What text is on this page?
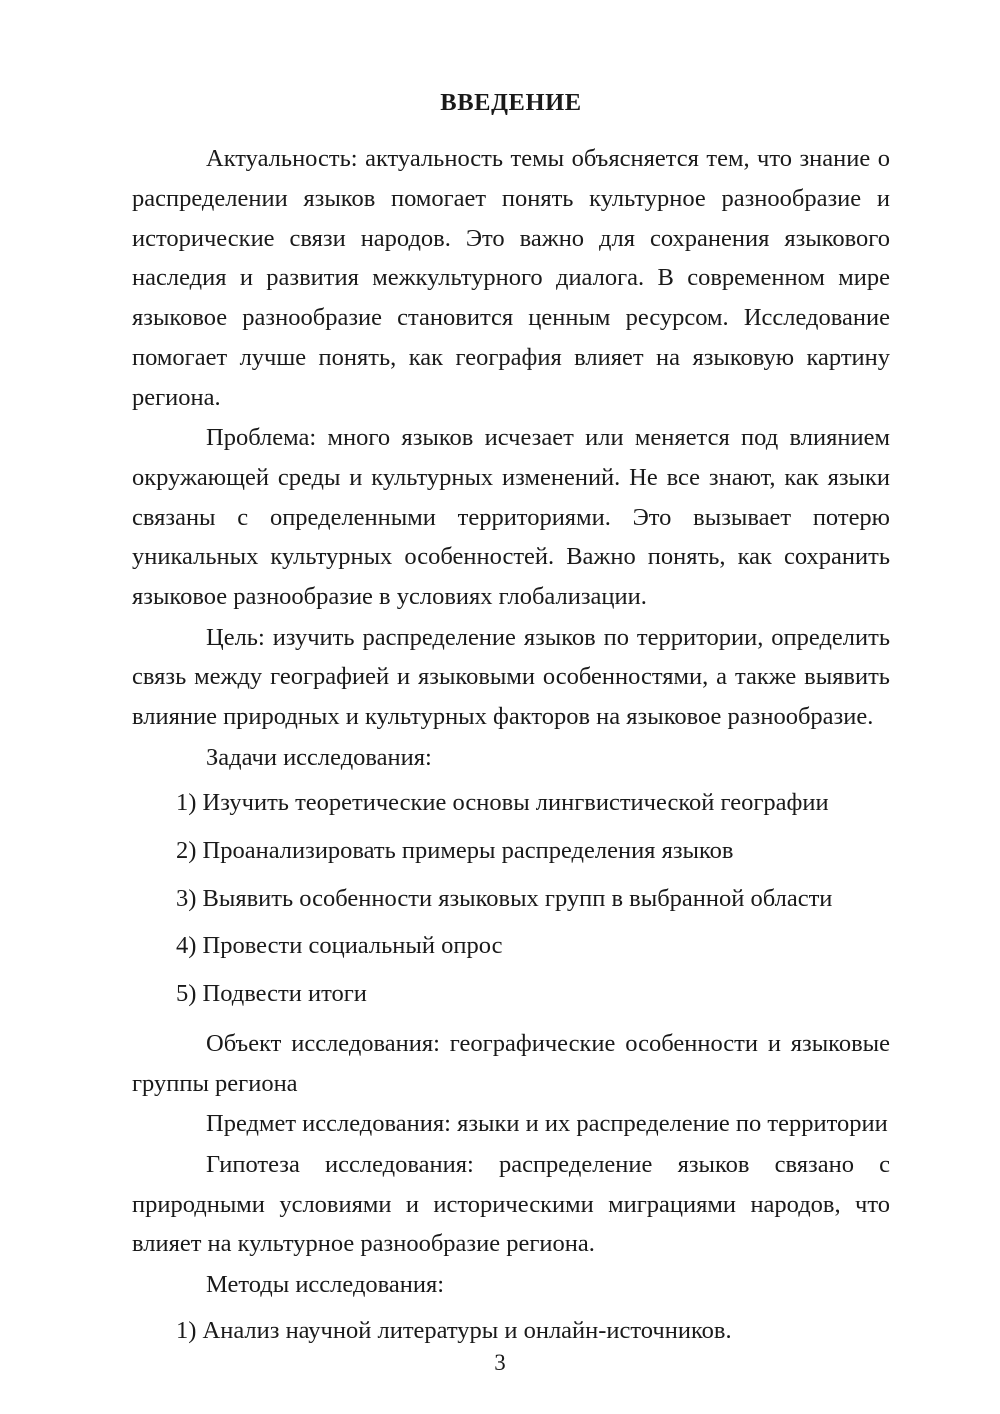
ВВЕДЕНИЕ

Актуальность: актуальность темы объясняется тем, что знание о распределении языков помогает понять культурное разнообразие и исторические связи народов. Это важно для сохранения языкового наследия и развития межкультурного диалога. В современном мире языковое разнообразие становится ценным ресурсом. Исследование помогает лучше понять, как география влияет на языковую картину региона.

Проблема: много языков исчезает или меняется под влиянием окружающей среды и культурных изменений. Не все знают, как языки связаны с определенными территориями. Это вызывает потерю уникальных культурных особенностей. Важно понять, как сохранить языковое разнообразие в условиях глобализации.

Цель: изучить распределение языков по территории, определить связь между географией и языковыми особенностями, а также выявить влияние природных и культурных факторов на языковое разнообразие.

Задачи исследования:

1) Изучить теоретические основы лингвистической географии
2) Проанализировать примеры распределения языков
3) Выявить особенности языковых групп в выбранной области
4) Провести социальный опрос
5) Подвести итоги

Объект исследования: географические особенности и языковые группы региона

Предмет исследования: языки и их распределение по территории

Гипотеза исследования: распределение языков связано с природными условиями и историческими миграциями народов, что влияет на культурное разнообразие региона.

Методы исследования:

1) Анализ научной литературы и онлайн-источников.
3
